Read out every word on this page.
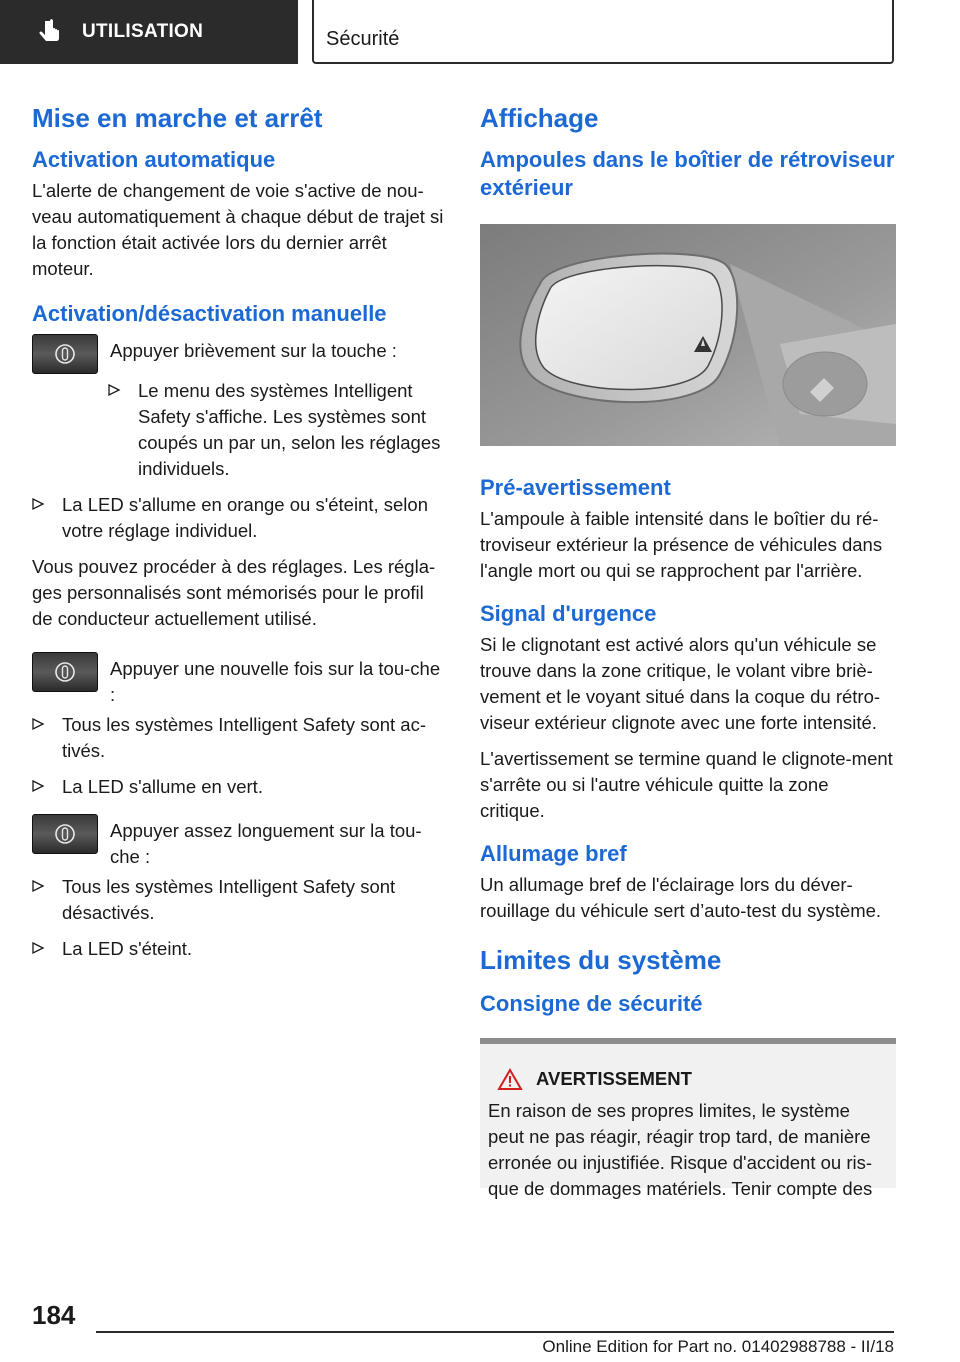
UTILISATION	Sécurité
Mise en marche et arrêt
Activation automatique

L'alerte de changement de voie s'active de nou-veau automatiquement à chaque début de trajet si la fonction était activée lors du dernier arrêt moteur.

Activation/désactivation manuelle
Appuyer brièvement sur la touche :
Le menu des systèmes Intelligent Safety s'affiche. Les systèmes sont coupés un par un, selon les réglages individuels.
La LED s'allume en orange ou s'éteint, selon votre réglage individuel.

Vous pouvez procéder à des réglages. Les régla-ges personnalisés sont mémorisés pour le profil de conducteur actuellement utilisé.

Appuyer une nouvelle fois sur la tou-che :
Tous les systèmes Intelligent Safety sont ac-tivés.
La LED s'allume en vert.
Appuyer assez longuement sur la tou-che :
Tous les systèmes Intelligent Safety sont désactivés.
La LED s'éteint.
Affichage
Ampoules dans le boîtier de rétroviseur extérieur
Pré-avertissement

L'ampoule à faible intensité dans le boîtier du ré-troviseur extérieur la présence de véhicules dans l'angle mort ou qui se rapprochent par l'arrière.

Signal d'urgence

Si le clignotant est activé alors qu'un véhicule se trouve dans la zone critique, le volant vibre briè-vement et le voyant situé dans la coque du rétro-viseur extérieur clignote avec une forte intensité.

L'avertissement se termine quand le clignote-ment s'arrête ou si l'autre véhicule quitte la zone critique.

Allumage bref

Un allumage bref de l'éclairage lors du déver-rouillage du véhicule sert d’auto-test du système.

Limites du système
Consigne de sécurité
AVERTISSEMENT

En raison de ses propres limites, le système peut ne pas réagir, réagir trop tard, de manière erronée ou injustifiée. Risque d'accident ou ris-que de dommages matériels. Tenir compte des

184
Online Edition for Part no. 01402988788 - II/18
